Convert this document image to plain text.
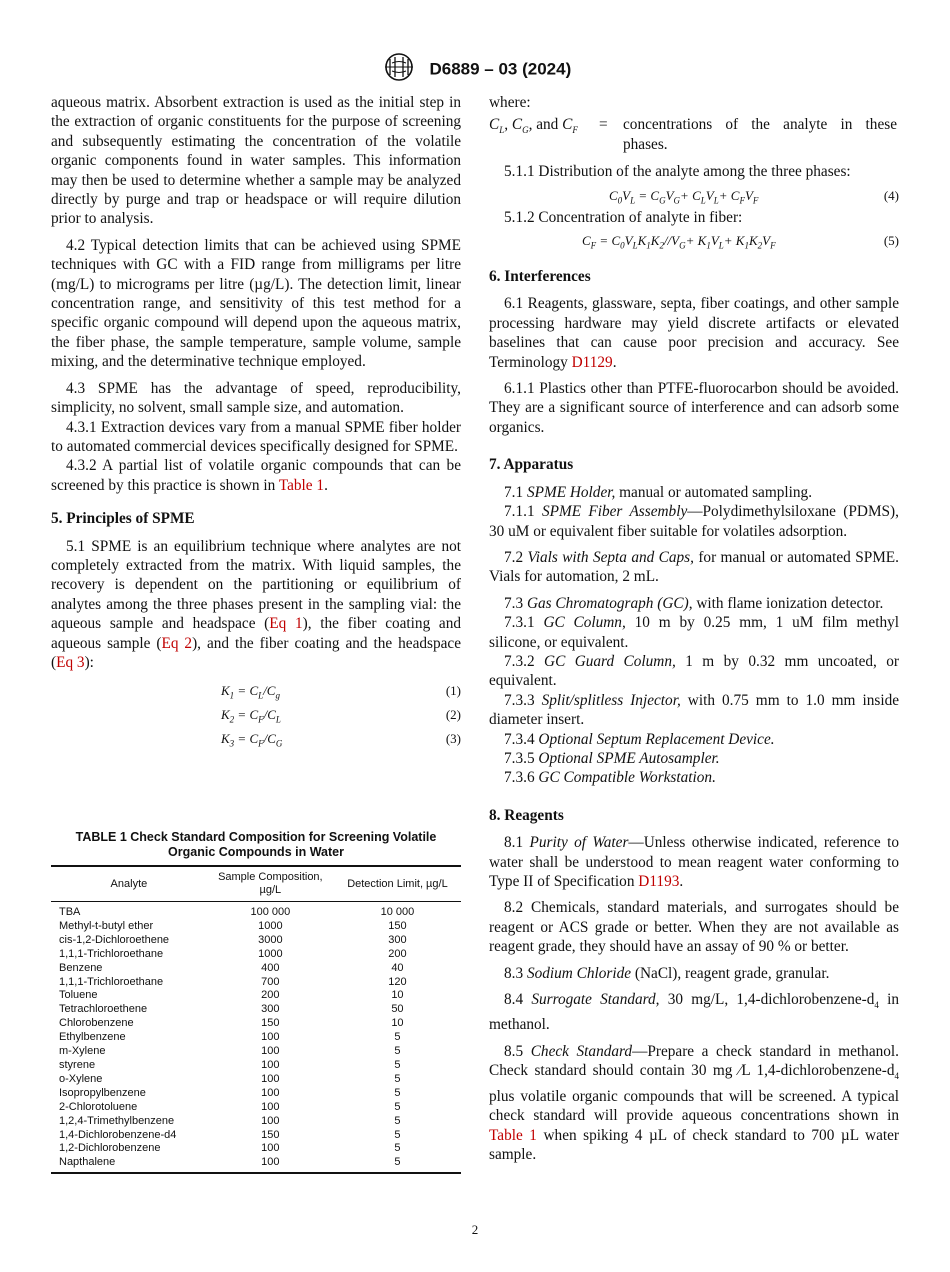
D6889 – 03 (2024)

aqueous matrix. Absorbent extraction is used as the initial step in the extraction of organic constituents for the purpose of screening and subsequently estimating the concentration of the volatile organic components found in water samples. This information may then be used to determine whether a sample may be analyzed directly by purge and trap or headspace or will require dilution prior to analysis.

4.2 Typical detection limits that can be achieved using SPME techniques with GC with a FID range from milligrams per litre (mg/L) to micrograms per litre (µg/L). The detection limit, linear concentration range, and sensitivity of this test method for a specific organic compound will depend upon the aqueous matrix, the fiber phase, the sample temperature, sample volume, sample mixing, and the determinative technique employed.

4.3 SPME has the advantage of speed, reproducibility, simplicity, no solvent, small sample size, and automation.

4.3.1 Extraction devices vary from a manual SPME fiber holder to automated commercial devices specifically designed for SPME.

4.3.2 A partial list of volatile organic compounds that can be screened by this practice is shown in Table 1.

5. Principles of SPME

5.1 SPME is an equilibrium technique where analytes are not completely extracted from the matrix. With liquid samples, the recovery is dependent on the partitioning or equilibrium of analytes among the three phases present in the sampling vial: the aqueous sample and headspace (Eq 1), the fiber coating and aqueous sample (Eq 2), and the fiber coating and the headspace (Eq 3):

$K_1 = C_L/C_g$	(1)
$K_2 = C_F/C_L$	(2)
$K_3 = C_F/C_G$	(3)
TABLE 1 Check Standard Composition for Screening Volatile Organic Compounds in Water
Analyte	Sample Composition, µg/L	Detection Limit, µg/L
TBA	100 000	10 000
Methyl-t-butyl ether	1000	150
cis-1,2-Dichloroethene	3000	300
1,1,1-Trichloroethane	1000	200
Benzene	400	40
1,1,1-Trichloroethane	700	120
Toluene	200	10
Tetrachloroethene	300	50
Chlorobenzene	150	10
Ethylbenzene	100	5
m-Xylene	100	5
styrene	100	5
o-Xylene	100	5
Isopropylbenzene	100	5
2-Chlorotoluene	100	5
1,2,4-Trimethylbenzene	100	5
1,4-Dichlorobenzene-d4	150	5
1,2-Dichlorobenzene	100	5
Napthalene	100	5

where:

$C_L$, $C_G$, and $C_F$	=	concentrations of the analyte in these phases.

5.1.1 Distribution of the analyte among the three phases:

$C_0V_L = C_GV_G+ C_LV_L+ C_FV_F$	(4)

5.1.2 Concentration of analyte in fiber:

$C_F = C_0V_LK_1K_2//V_G+ K_1V_L+ K_1K_2V_F$	(5)

6. Interferences

6.1 Reagents, glassware, septa, fiber coatings, and other sample processing hardware may yield discrete artifacts or elevated baselines that can cause poor precision and accuracy. See Terminology D1129.

6.1.1 Plastics other than PTFE-fluorocarbon should be avoided. They are a significant source of interference and can adsorb some organics.

7. Apparatus

7.1 SPME Holder, manual or automated sampling.

7.1.1 SPME Fiber Assembly—Polydimethylsiloxane (PDMS), 30 uM or equivalent fiber suitable for volatiles adsorption.

7.2 Vials with Septa and Caps, for manual or automated SPME. Vials for automation, 2 mL.

7.3 Gas Chromatograph (GC), with flame ionization detector.

7.3.1 GC Column, 10 m by 0.25 mm, 1 uM film methyl silicone, or equivalent.

7.3.2 GC Guard Column, 1 m by 0.32 mm uncoated, or equivalent.

7.3.3 Split/splitless Injector, with 0.75 mm to 1.0 mm inside diameter insert.

7.3.4 Optional Septum Replacement Device.

7.3.5 Optional SPME Autosampler.

7.3.6 GC Compatible Workstation.

8. Reagents

8.1 Purity of Water—Unless otherwise indicated, reference to water shall be understood to mean reagent water conforming to Type II of Specification D1193.

8.2 Chemicals, standard materials, and surrogates should be reagent or ACS grade or better. When they are not available as reagent grade, they should have an assay of 90 % or better.

8.3 Sodium Chloride (NaCl), reagent grade, granular.

8.4 Surrogate Standard, 30 mg/L, $1,4-dichlorobenzene-d_4$ in methanol.

8.5 Check Standard—Prepare a check standard in methanol. Check standard should contain 30 mg ⁄L $1,4-dichlorobenzene-d_4$ plus volatile organic compounds that will be screened. A typical check standard will provide aqueous concentrations shown in Table 1 when spiking 4 µL of check standard to 700 µL water sample.

2
